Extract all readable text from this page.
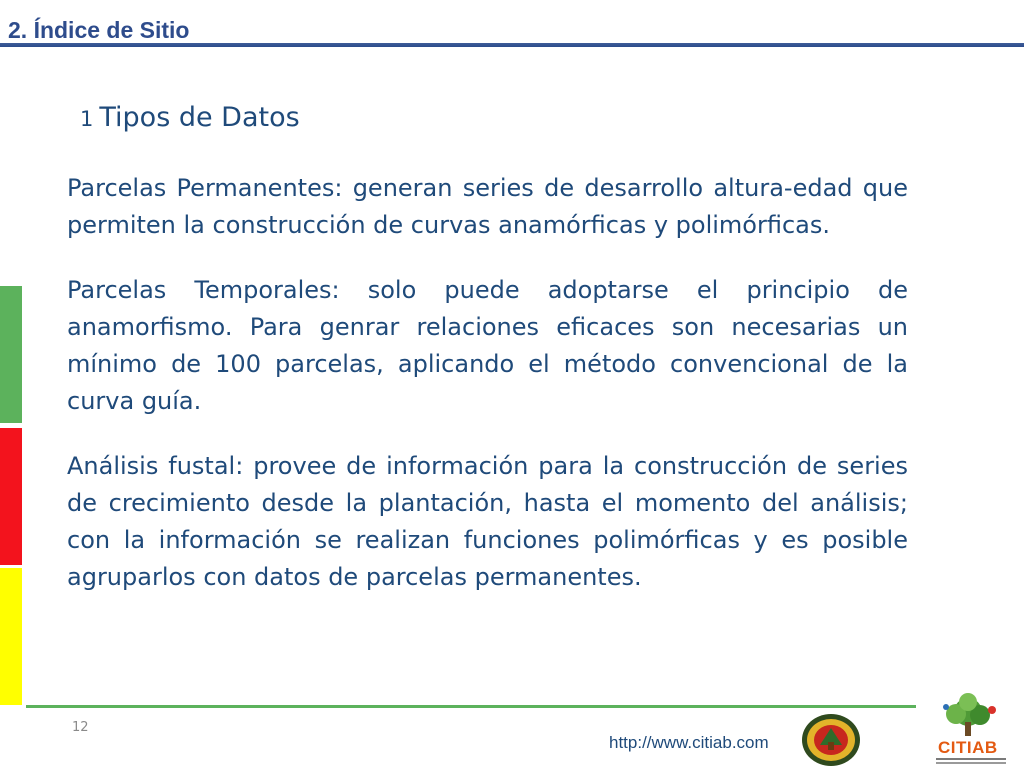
2. Índice de Sitio
1 Tipos de Datos

Parcelas Permanentes: generan series de desarrollo altura-edad que permiten la construcción de curvas anamórficas y polimórficas.

Parcelas Temporales: solo puede adoptarse el principio de anamorfismo. Para genrar relaciones eficaces son necesarias un mínimo de 100 parcelas, aplicando el método convencional de la curva guía.

Análisis fustal: provee de información para la construcción de series de crecimiento desde la plantación, hasta el momento del análisis; con la información se realizan funciones polimórficas y es posible agruparlos con datos de parcelas permanentes.

12
http://www.citiab.com	CITIAB
